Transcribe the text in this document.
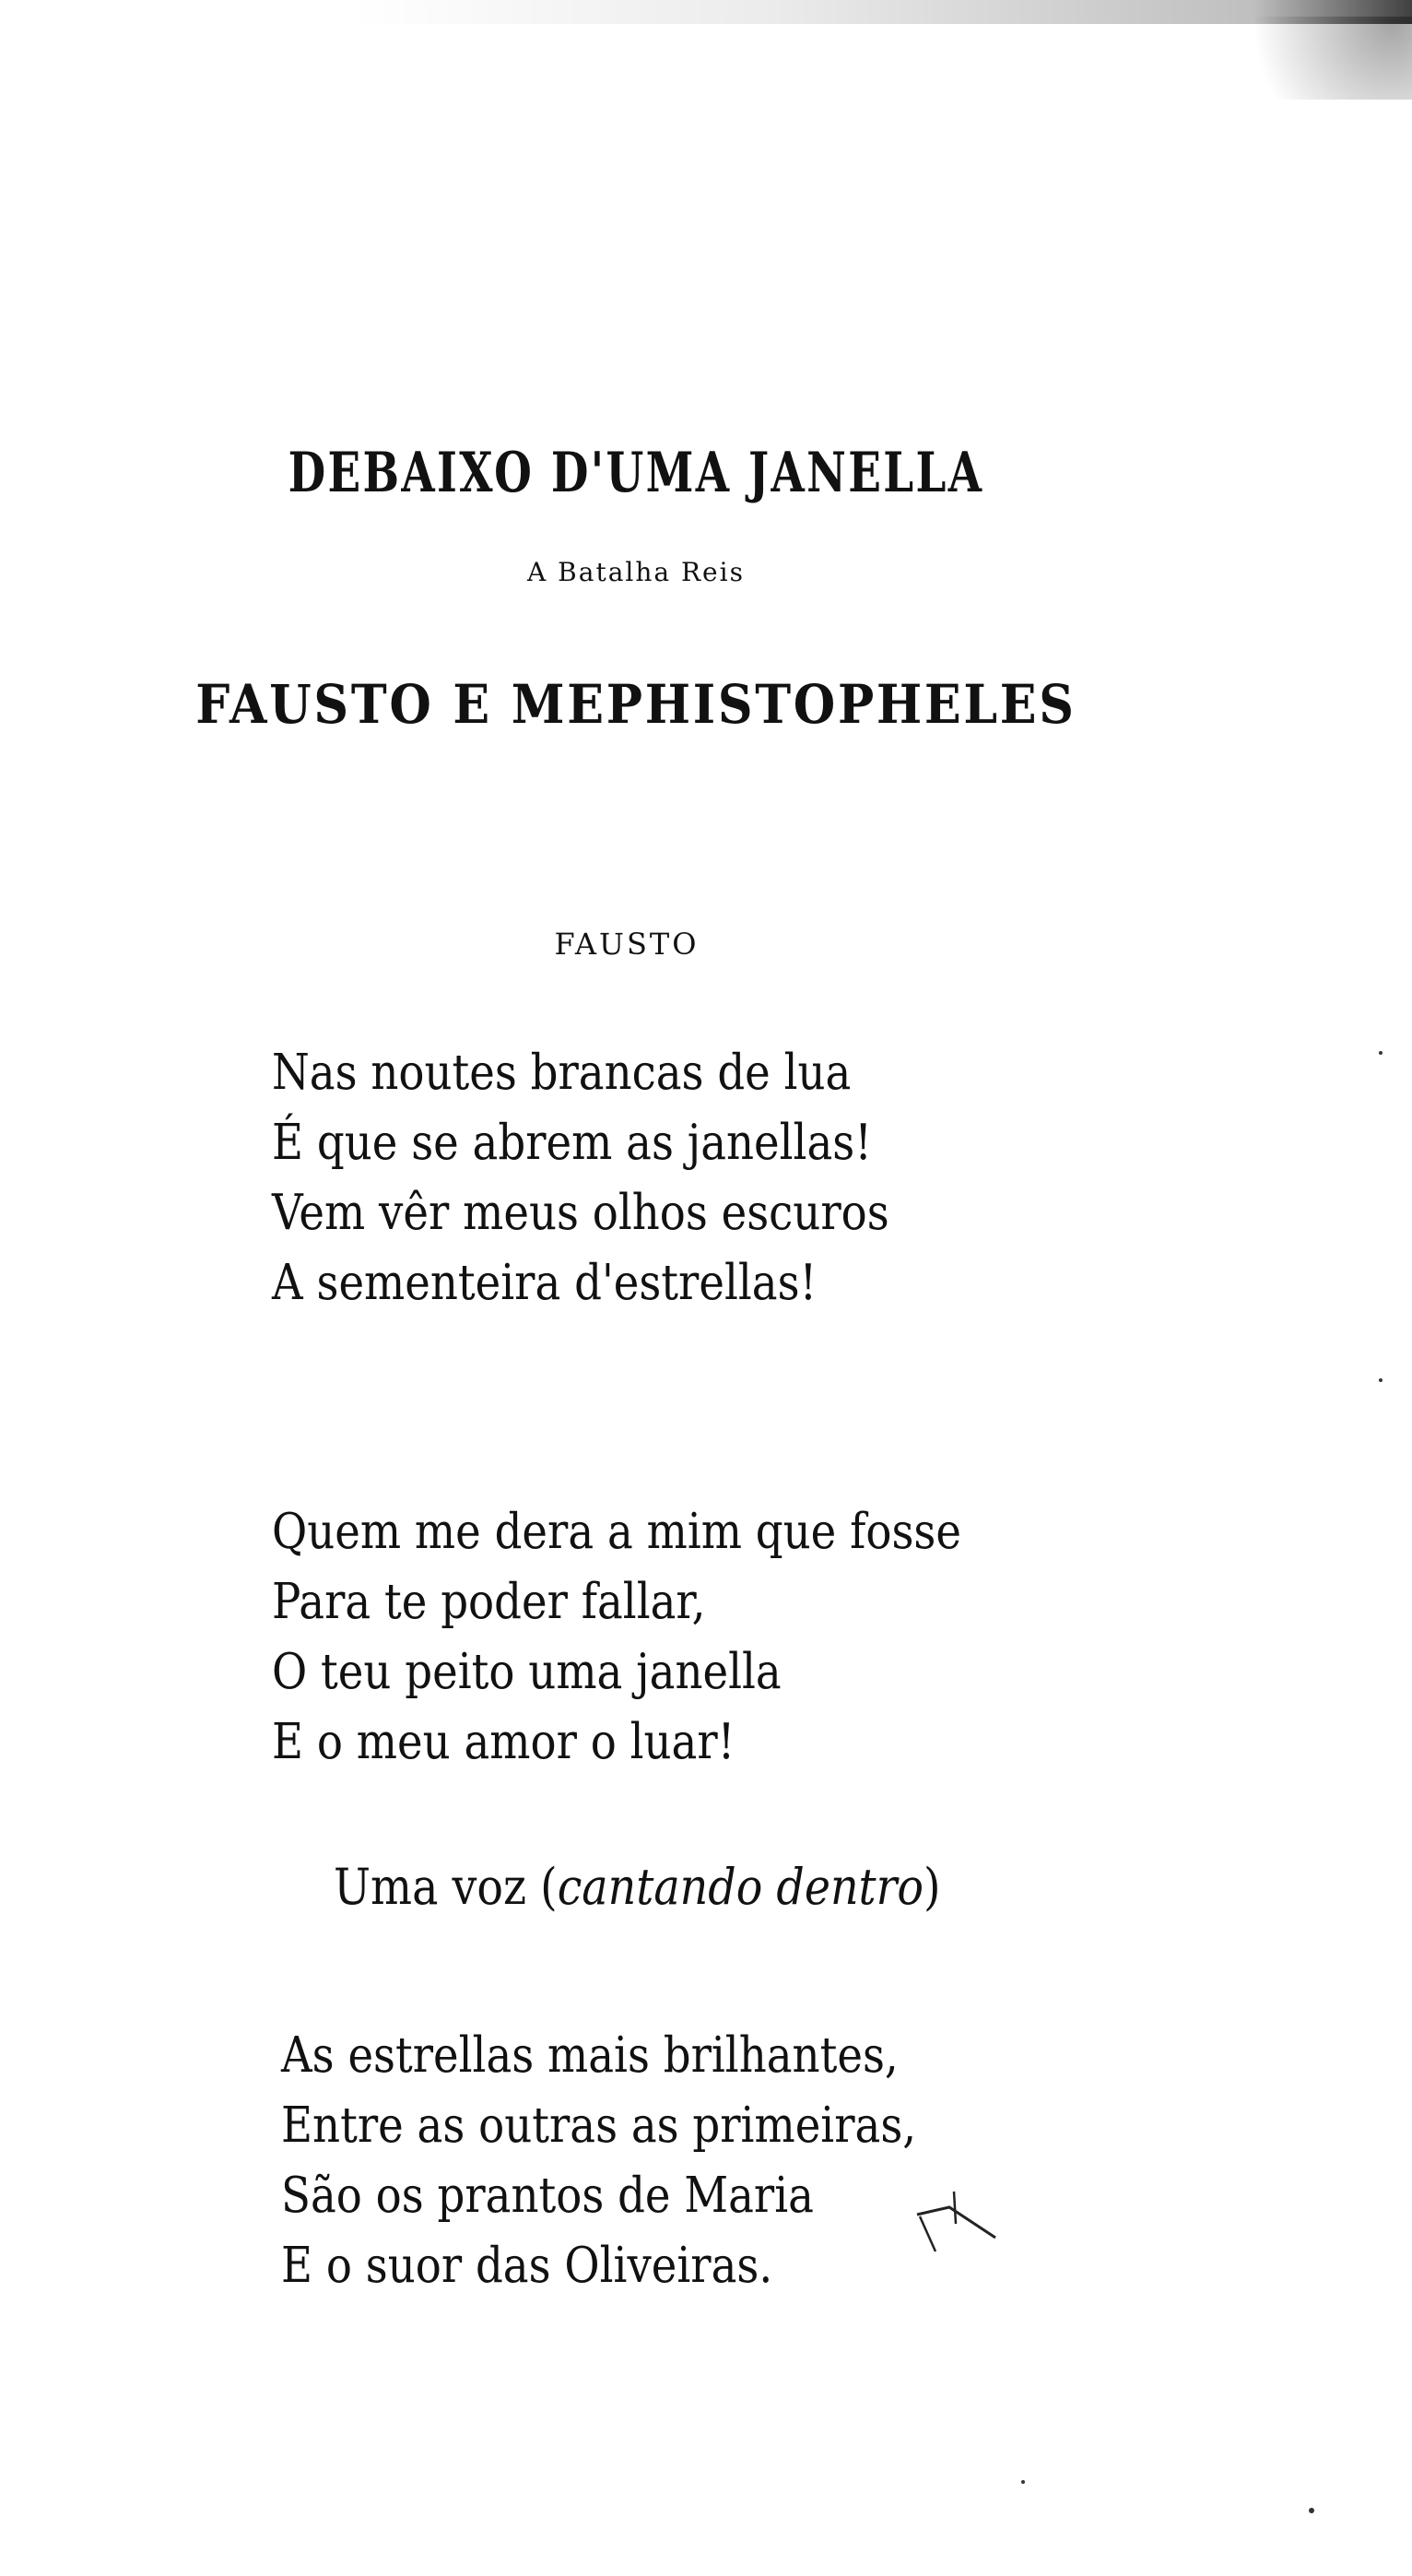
DEBAIXO D'UMA JANELLA

A Batalha Reis

FAUSTO E MEPHISTOPHELES

FAUSTO

Nas noutes brancas de lua
É que se abrem as janellas!
Vem vêr meus olhos escuros
A sementeira d'estrellas!
Quem me dera a mim que fosse
Para te poder fallar,
O teu peito uma janella
E o meu amor o luar!

Uma voz (cantando dentro)

As estrellas mais brilhantes,
Entre as outras as primeiras,
São os prantos de Maria
E o suor das Oliveiras.
